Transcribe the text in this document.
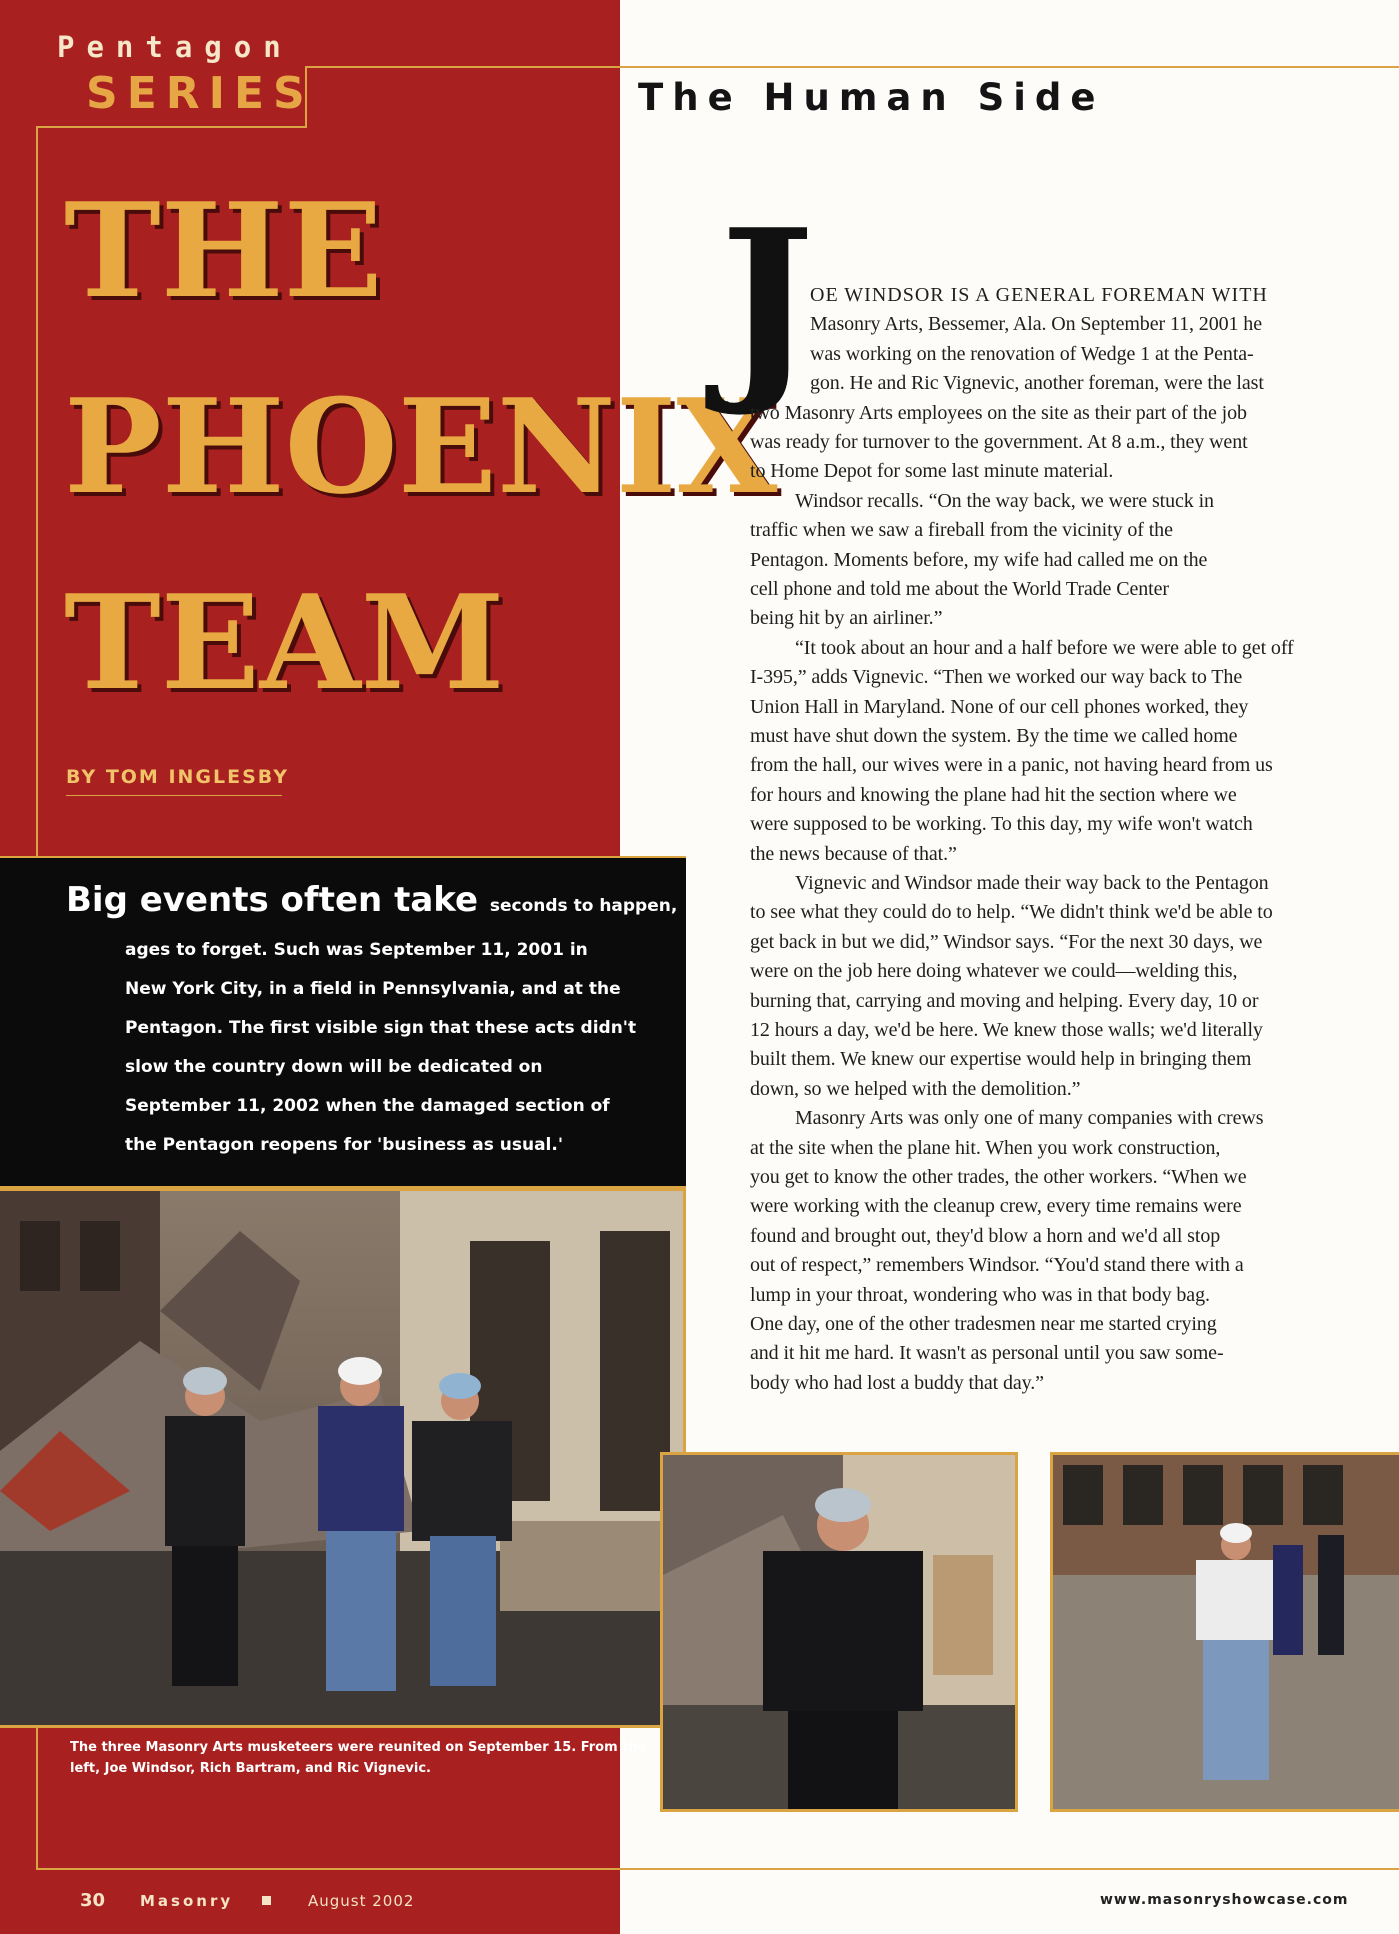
Pentagon
SERIES	The Human Side
THE
PHOENIX
TEAM
BY TOM INGLESBY
Big events often take seconds to happen,
ages to forget. Such was September 11, 2001 in
New York City, in a field in Pennsylvania, and at the
Pentagon. The first visible sign that these acts didn't
slow the country down will be dedicated on
September 11, 2002 when the damaged section of
the Pentagon reopens for 'business as usual.'
J
OE WINDSOR IS A GENERAL FOREMAN WITH
Masonry Arts, Bessemer, Ala. On September 11, 2001 he
was working on the renovation of Wedge 1 at the Penta-
gon. He and Ric Vignevic, another foreman, were the last
two Masonry Arts employees on the site as their part of the job
was ready for turnover to the government. At 8 a.m., they went
to Home Depot for some last minute material.
Windsor recalls. “On the way back, we were stuck in
traffic when we saw a fireball from the vicinity of the
Pentagon. Moments before, my wife had called me on the
cell phone and told me about the World Trade Center
being hit by an airliner.”
“It took about an hour and a half before we were able to get off
I-395,” adds Vignevic. “Then we worked our way back to The
Union Hall in Maryland. None of our cell phones worked, they
must have shut down the system. By the time we called home
from the hall, our wives were in a panic, not having heard from us
for hours and knowing the plane had hit the section where we
were supposed to be working. To this day, my wife won't watch
the news because of that.”
Vignevic and Windsor made their way back to the Pentagon
to see what they could do to help. “We didn't think we'd be able to
get back in but we did,” Windsor says. “For the next 30 days, we
were on the job here doing whatever we could—welding this,
burning that, carrying and moving and helping. Every day, 10 or
12 hours a day, we'd be here. We knew those walls; we'd literally
built them. We knew our expertise would help in bringing them
down, so we helped with the demolition.”
Masonry Arts was only one of many companies with crews
at the site when the plane hit. When you work construction,
you get to know the other trades, the other workers. “When we
were working with the cleanup crew, every time remains were
found and brought out, they'd blow a horn and we'd all stop
out of respect,” remembers Windsor. “You'd stand there with a
lump in your throat, wondering who was in that body bag.
One day, one of the other tradesmen near me started crying
and it hit me hard. It wasn't as personal until you saw some-
body who had lost a buddy that day.”
The three Masonry Arts musketeers were reunited on September 15. From the
left, Joe Windsor, Rich Bartram, and Ric Vignevic.
30 Masonry	August 2002	www.masonryshowcase.com
